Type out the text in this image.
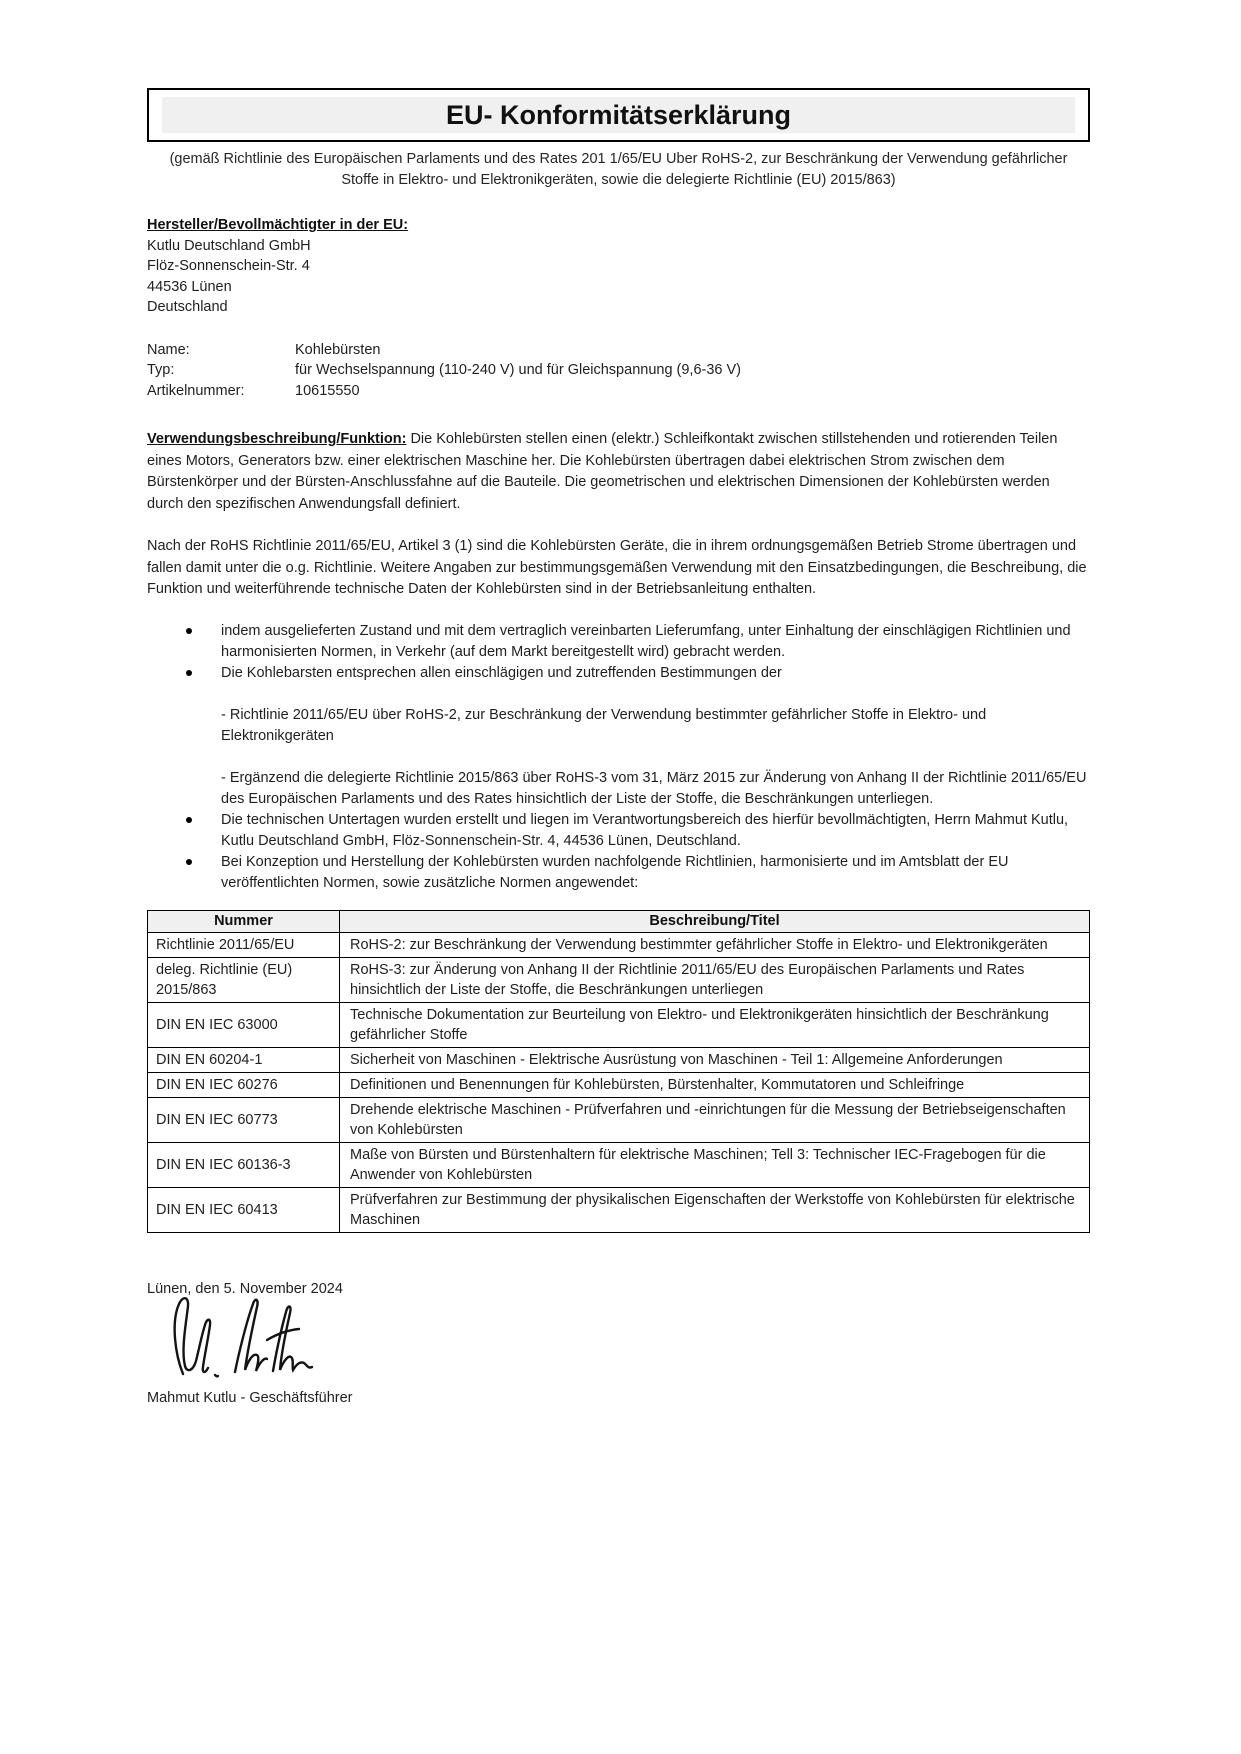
EU- Konformitätserklärung
(gemäß Richtlinie des Europäischen Parlaments und des Rates 201 1/65/EU Uber RoHS-2, zur Beschränkung der Verwendung gefährlicher
Stoffe in Elektro- und Elektronikgeräten, sowie die delegierte Richtlinie (EU) 2015/863)
Hersteller/Bevollmächtigter in der EU:
Kutlu Deutschland GmbH
Flöz-Sonnenschein-Str. 4
44536 Lünen
Deutschland
Name:	Kohlebürsten
Typ:	für Wechselspannung (110-240 V) und für Gleichspannung (9,6-36 V)
Artikelnummer:	10615550

Verwendungsbeschreibung/Funktion: Die Kohlebürsten stellen einen (elektr.) Schleifkontakt zwischen stillstehenden und rotierenden Teilen eines Motors, Generators bzw. einer elektrischen Maschine her. Die Kohlebürsten übertragen dabei elektrischen Strom zwischen dem Bürstenkörper und der Bürsten-Anschlussfahne auf die Bauteile. Die geometrischen und elektrischen Dimensionen der Kohlebürsten werden durch den spezifischen Anwendungsfall definiert.

Nach der RoHS Richtlinie 2011/65/EU, Artikel 3 (1) sind die Kohlebürsten Geräte, die in ihrem ordnungsgemäßen Betrieb Strome übertragen und fallen damit unter die o.g. Richtlinie. Weitere Angaben zur bestimmungsgemäßen Verwendung mit den Einsatzbedingungen, die Beschreibung, die Funktion und weiterführende technische Daten der Kohlebürsten sind in der Betriebsanleitung enthalten.

indem ausgelieferten Zustand und mit dem vertraglich vereinbarten Lieferumfang, unter Einhaltung der einschlägigen Richtlinien und harmonisierten Normen, in Verkehr (auf dem Markt bereitgestellt wird) gebracht werden.
Die Kohlebarsten entsprechen allen einschlägigen und zutreffenden Bestimmungen der
- Richtlinie 2011/65/EU über RoHS-2, zur Beschränkung der Verwendung bestimmter gefährlicher Stoffe in Elektro- und Elektronikgeräten
- Ergänzend die delegierte Richtlinie 2015/863 über RoHS-3 vom 31, März 2015 zur Änderung von Anhang II der Richtlinie 2011/65/EU des Europäischen Parlaments und des Rates hinsichtlich der Liste der Stoffe, die Beschränkungen unterliegen.
Die technischen Untertagen wurden erstellt und liegen im Verantwortungsbereich des hierfür bevollmächtigten, Herrn Mahmut Kutlu, Kutlu Deutschland GmbH, Flöz-Sonnenschein-Str. 4, 44536 Lünen, Deutschland.
Bei Konzeption und Herstellung der Kohlebürsten wurden nachfolgende Richtlinien, harmonisierte und im Amtsblatt der EU veröffentlichten Normen, sowie zusätzliche Normen angewendet:
Nummer	Beschreibung/Titel
Richtlinie 2011/65/EU	RoHS-2: zur Beschränkung der Verwendung bestimmter gefährlicher Stoffe in Elektro- und Elektronikgeräten
deleg. Richtlinie (EU) 2015/863	RoHS-3: zur Änderung von Anhang II der Richtlinie 2011/65/EU des Europäischen Parlaments und Rates hinsichtlich der Liste der Stoffe, die Beschränkungen unterliegen
DIN EN IEC 63000	Technische Dokumentation zur Beurteilung von Elektro- und Elektronikgeräten hinsichtlich der Beschränkung gefährlicher Stoffe
DIN EN 60204-1	Sicherheit von Maschinen - Elektrische Ausrüstung von Maschinen - Teil 1: Allgemeine Anforderungen
DIN EN IEC 60276	Definitionen und Benennungen für Kohlebürsten, Bürstenhalter, Kommutatoren und Schleifringe
DIN EN IEC 60773	Drehende elektrische Maschinen - Prüfverfahren und -einrichtungen für die Messung der Betriebseigenschaften von Kohlebürsten
DIN EN IEC 60136-3	Maße von Bürsten und Bürstenhaltern für elektrische Maschinen; Tell 3: Technischer IEC-Fragebogen für die Anwender von Kohlebürsten
DIN EN IEC 60413	Prüfverfahren zur Bestimmung der physikalischen Eigenschaften der Werkstoffe von Kohlebürsten für elektrische Maschinen
Lünen, den 5. November 2024
Mahmut Kutlu - Geschäftsführer
